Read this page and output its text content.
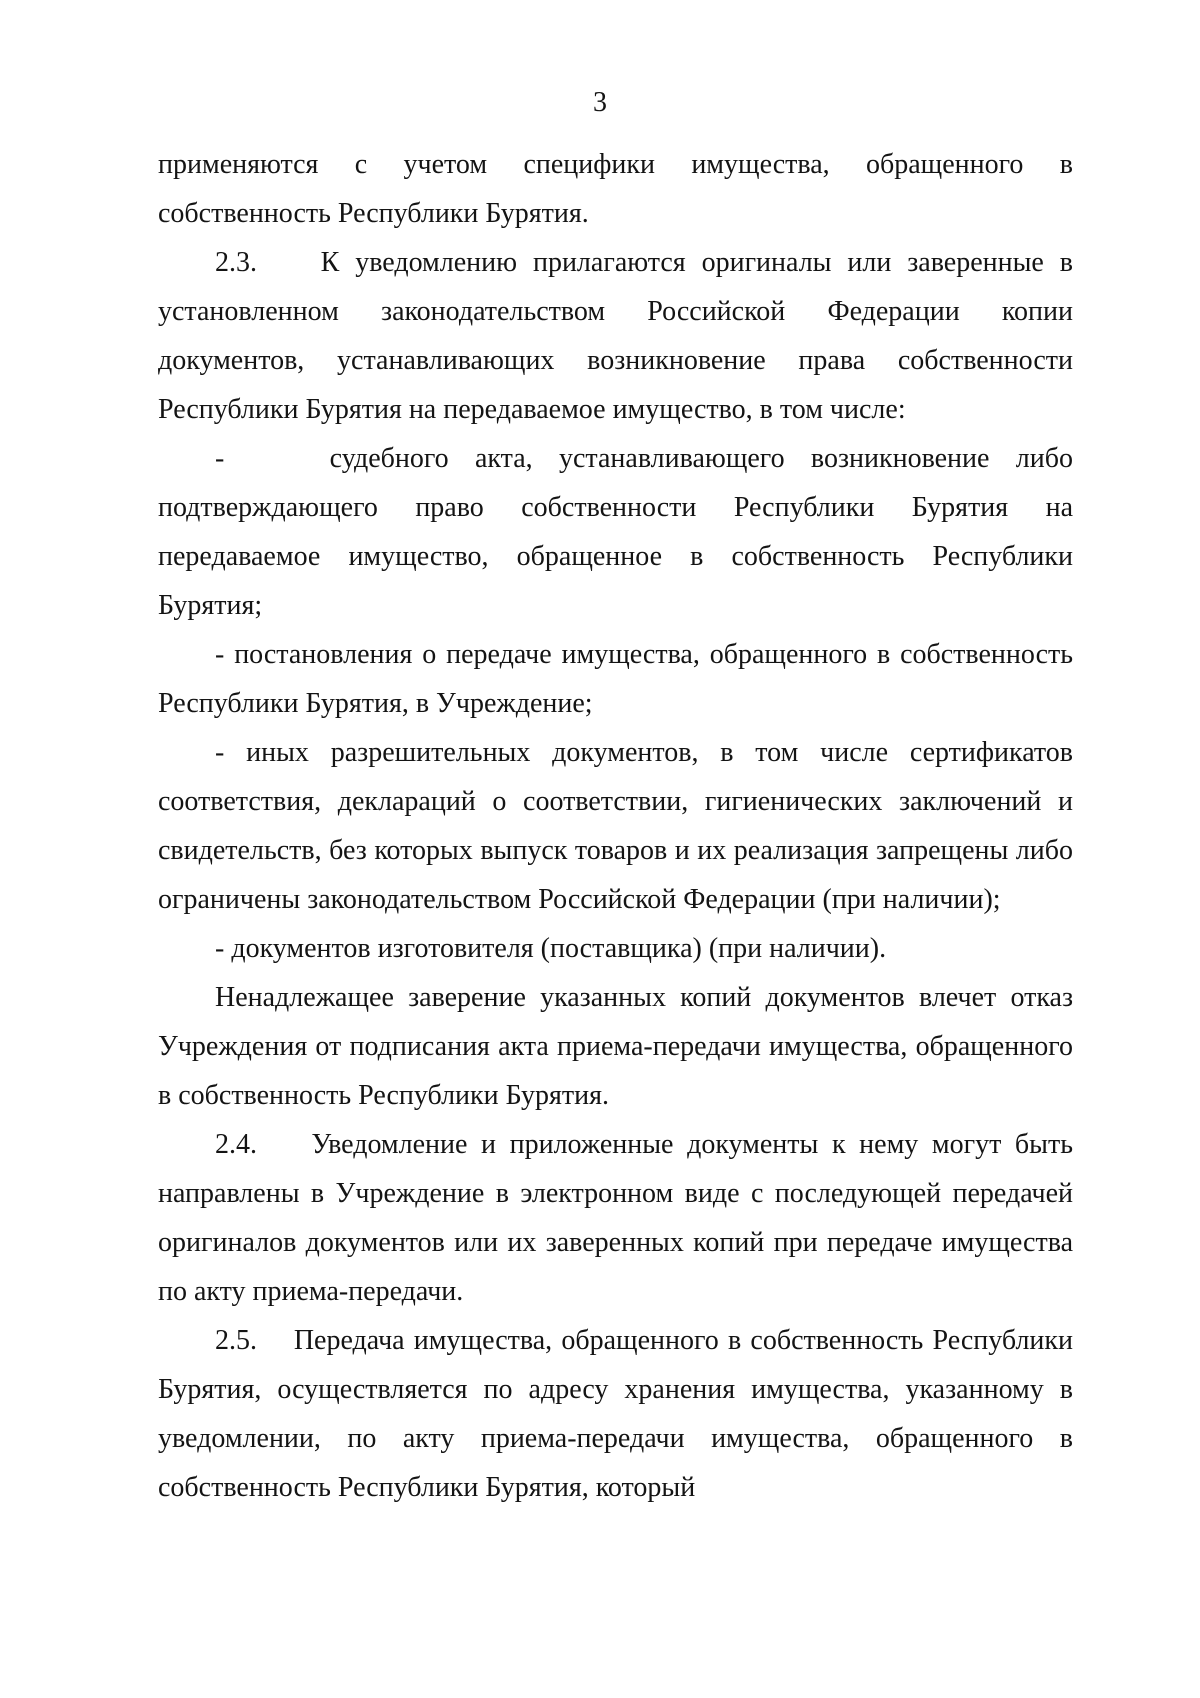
3

применяются с учетом специфики имущества, обращенного в собственность Республики Бурятия.

2.3.    К уведомлению прилагаются оригиналы или заверенные в установленном законодательством Российской Федерации копии документов, устанавливающих возникновение права собственности Республики Бурятия на передаваемое имущество, в том числе:

-    судебного акта, устанавливающего возникновение либо подтверждающего право собственности Республики Бурятия на передаваемое имущество, обращенное в собственность Республики Бурятия;

- постановления о передаче имущества, обращенного в собственность Республики Бурятия, в Учреждение;

- иных разрешительных документов, в том числе сертификатов соответствия, деклараций о соответствии, гигиенических заключений и свидетельств, без которых выпуск товаров и их реализация запрещены либо ограничены законодательством Российской Федерации (при наличии);

- документов изготовителя (поставщика) (при наличии).

Ненадлежащее заверение указанных копий документов влечет отказ Учреждения от подписания акта приема-передачи имущества, обращенного в собственность Республики Бурятия.

2.4.    Уведомление и приложенные документы к нему могут быть направлены в Учреждение в электронном виде с последующей передачей оригиналов документов или их заверенных копий при передаче имущества по акту приема-передачи.

2.5.    Передача имущества, обращенного в собственность Республики Бурятия, осуществляется по адресу хранения имущества, указанному в уведомлении, по акту приема-передачи имущества, обращенного в собственность Республики Бурятия, который
